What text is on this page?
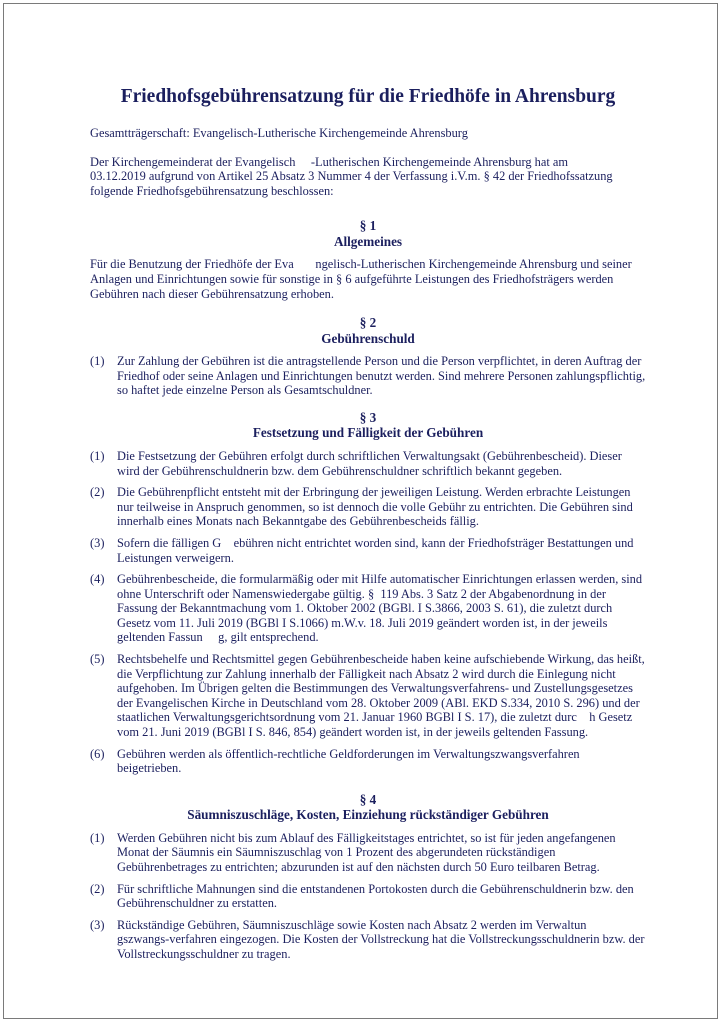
Friedhofsgebührensatzung für die Friedhöfe in Ahrensburg
Gesamtträgerschaft: Evangelisch-Lutherische Kirchengemeinde Ahrensburg
Der Kirchengemeinderat der Evangelisch     -Lutherischen Kirchengemeinde Ahrensburg hat am          03.12.2019 aufgrund von Artikel 25 Absatz 3 Nummer 4 der Verfassung i.V.m. § 42 der Friedhofssatzung folgende Friedhofsgebührensatzung beschlossen:
§ 1
Allgemeines
Für die Benutzung der Friedhöfe der Eva       ngelisch-Lutherischen Kirchengemeinde Ahrensburg und seiner Anlagen und Einrichtungen sowie für sonstige in § 6 aufgeführte Leistungen des Friedhofsträgers werden Gebühren nach dieser Gebührensatzung erhoben.
§ 2
Gebührenschuld
(1)	Zur Zahlung der Gebühren ist die antragstellende Person und die Person verpflichtet, in deren Auftrag der Friedhof oder seine Anlagen und Einrichtungen benutzt werden. Sind mehrere Personen zahlungspflichtig, so haftet jede einzelne Person als Gesamtschuldner.
§ 3
Festsetzung und Fälligkeit der Gebühren
(1)	Die Festsetzung der Gebühren erfolgt durch schriftlichen Verwaltungsakt (Gebührenbescheid). Dieser wird der Gebührenschuldnerin bzw. dem Gebührenschuldner schriftlich bekannt gegeben.
(2)	Die Gebührenpflicht entsteht mit der Erbringung der jeweiligen Leistung. Werden erbrachte Leistungen nur teilweise in Anspruch genommen, so ist dennoch die volle Gebühr zu entrichten. Die Gebühren sind innerhalb eines Monats nach Bekanntgabe des Gebührenbescheids fällig.
(3)	Sofern die fälligen G    ebühren nicht entrichtet worden sind, kann der Friedhofsträger Bestattungen und Leistungen verweigern.
(4)	Gebührenbescheide, die formularmäßig oder mit Hilfe automatischer Einrichtungen erlassen werden, sind ohne Unterschrift oder Namenswiedergabe gültig. §  119 Abs. 3 Satz 2 der Abgabenordnung in der Fassung der Bekanntmachung vom 1. Oktober 2002 (BGBl. I S.3866, 2003 S. 61), die zuletzt durch Gesetz vom 11. Juli 2019 (BGBl I S.1066) m.W.v. 18. Juli 2019 geändert worden ist, in der jeweils geltenden Fassun     g, gilt entsprechend.
(5)	Rechtsbehelfe und Rechtsmittel gegen Gebührenbescheide haben keine aufschiebende Wirkung, das heißt, die Verpflichtung zur Zahlung innerhalb der Fälligkeit nach Absatz 2 wird durch die Einlegung nicht aufgehoben. Im Übrigen gelten die Bestimmungen des Verwaltungsverfahrens- und Zustellungsgesetzes der Evangelischen Kirche in Deutschland vom 28. Oktober 2009 (ABl. EKD S.334, 2010 S. 296) und der staatlichen Verwaltungsgerichtsordnung vom 21. Januar 1960 BGBl I S. 17), die zuletzt durc    h Gesetz vom 21. Juni 2019 (BGBl I S. 846, 854) geändert worden ist, in der jeweils geltenden Fassung.
(6)	Gebühren werden als öffentlich-rechtliche Geldforderungen im Verwaltungszwangsverfahren beigetrieben.
§ 4
Säumniszuschläge, Kosten, Einziehung rückständiger Gebühren
(1)	Werden Gebühren nicht bis zum Ablauf des Fälligkeitstages entrichtet, so ist für jeden angefangenen Monat der Säumnis ein Säumniszuschlag von 1 Prozent des abgerundeten rückständigen Gebührenbetrages zu entrichten; abzurunden ist auf den nächsten durch 50 Euro teilbaren Betrag.
(2)	Für schriftliche Mahnungen sind die entstandenen Portokosten durch die Gebührenschuldnerin bzw. den Gebührenschuldner zu erstatten.
(3)	Rückständige Gebühren, Säumniszuschläge sowie Kosten nach Absatz 2 werden im Verwaltun      gszwangs-verfahren eingezogen. Die Kosten der Vollstreckung hat die Vollstreckungsschuldnerin bzw. der Vollstreckungsschuldner zu tragen.
